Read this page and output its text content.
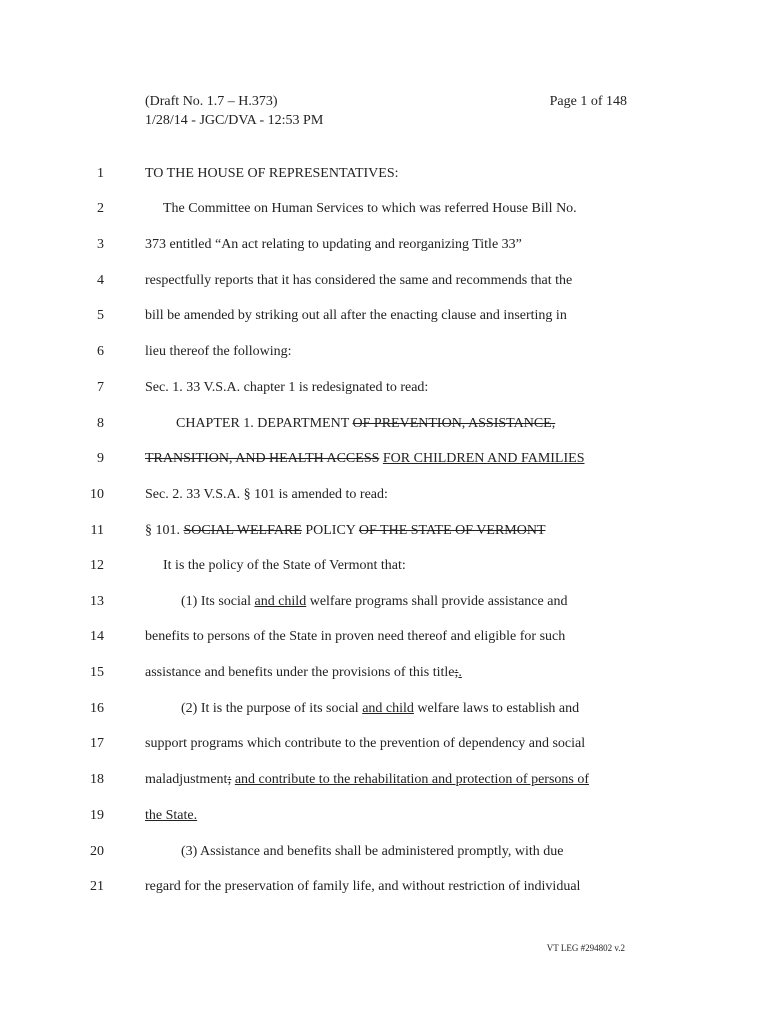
(Draft No. 1.7 – H.373)
1/28/14 - JGC/DVA - 12:53 PM
Page 1 of 148
1	TO THE HOUSE OF REPRESENTATIVES:
2	The Committee on Human Services to which was referred House Bill No.
3	373 entitled “An act relating to updating and reorganizing Title 33”
4	respectfully reports that it has considered the same and recommends that the
5	bill be amended by striking out all after the enacting clause and inserting in
6	lieu thereof the following:
7	Sec. 1. 33 V.S.A. chapter 1 is redesignated to read:
8	CHAPTER 1. DEPARTMENT OF PREVENTION, ASSISTANCE,
9	TRANSITION, AND HEALTH ACCESS FOR CHILDREN AND FAMILIES
10	Sec. 2. 33 V.S.A. § 101 is amended to read:
11	§ 101. SOCIAL WELFARE POLICY OF THE STATE OF VERMONT
12	It is the policy of the State of Vermont that:
13	(1) Its social and child welfare programs shall provide assistance and
14	benefits to persons of the State in proven need thereof and eligible for such
15	assistance and benefits under the provisions of this title;.
16	(2) It is the purpose of its social and child welfare laws to establish and
17	support programs which contribute to the prevention of dependency and social
18	maladjustment; and contribute to the rehabilitation and protection of persons of
19	the State.
20	(3) Assistance and benefits shall be administered promptly, with due
21	regard for the preservation of family life, and without restriction of individual
VT LEG #294802 v.2
